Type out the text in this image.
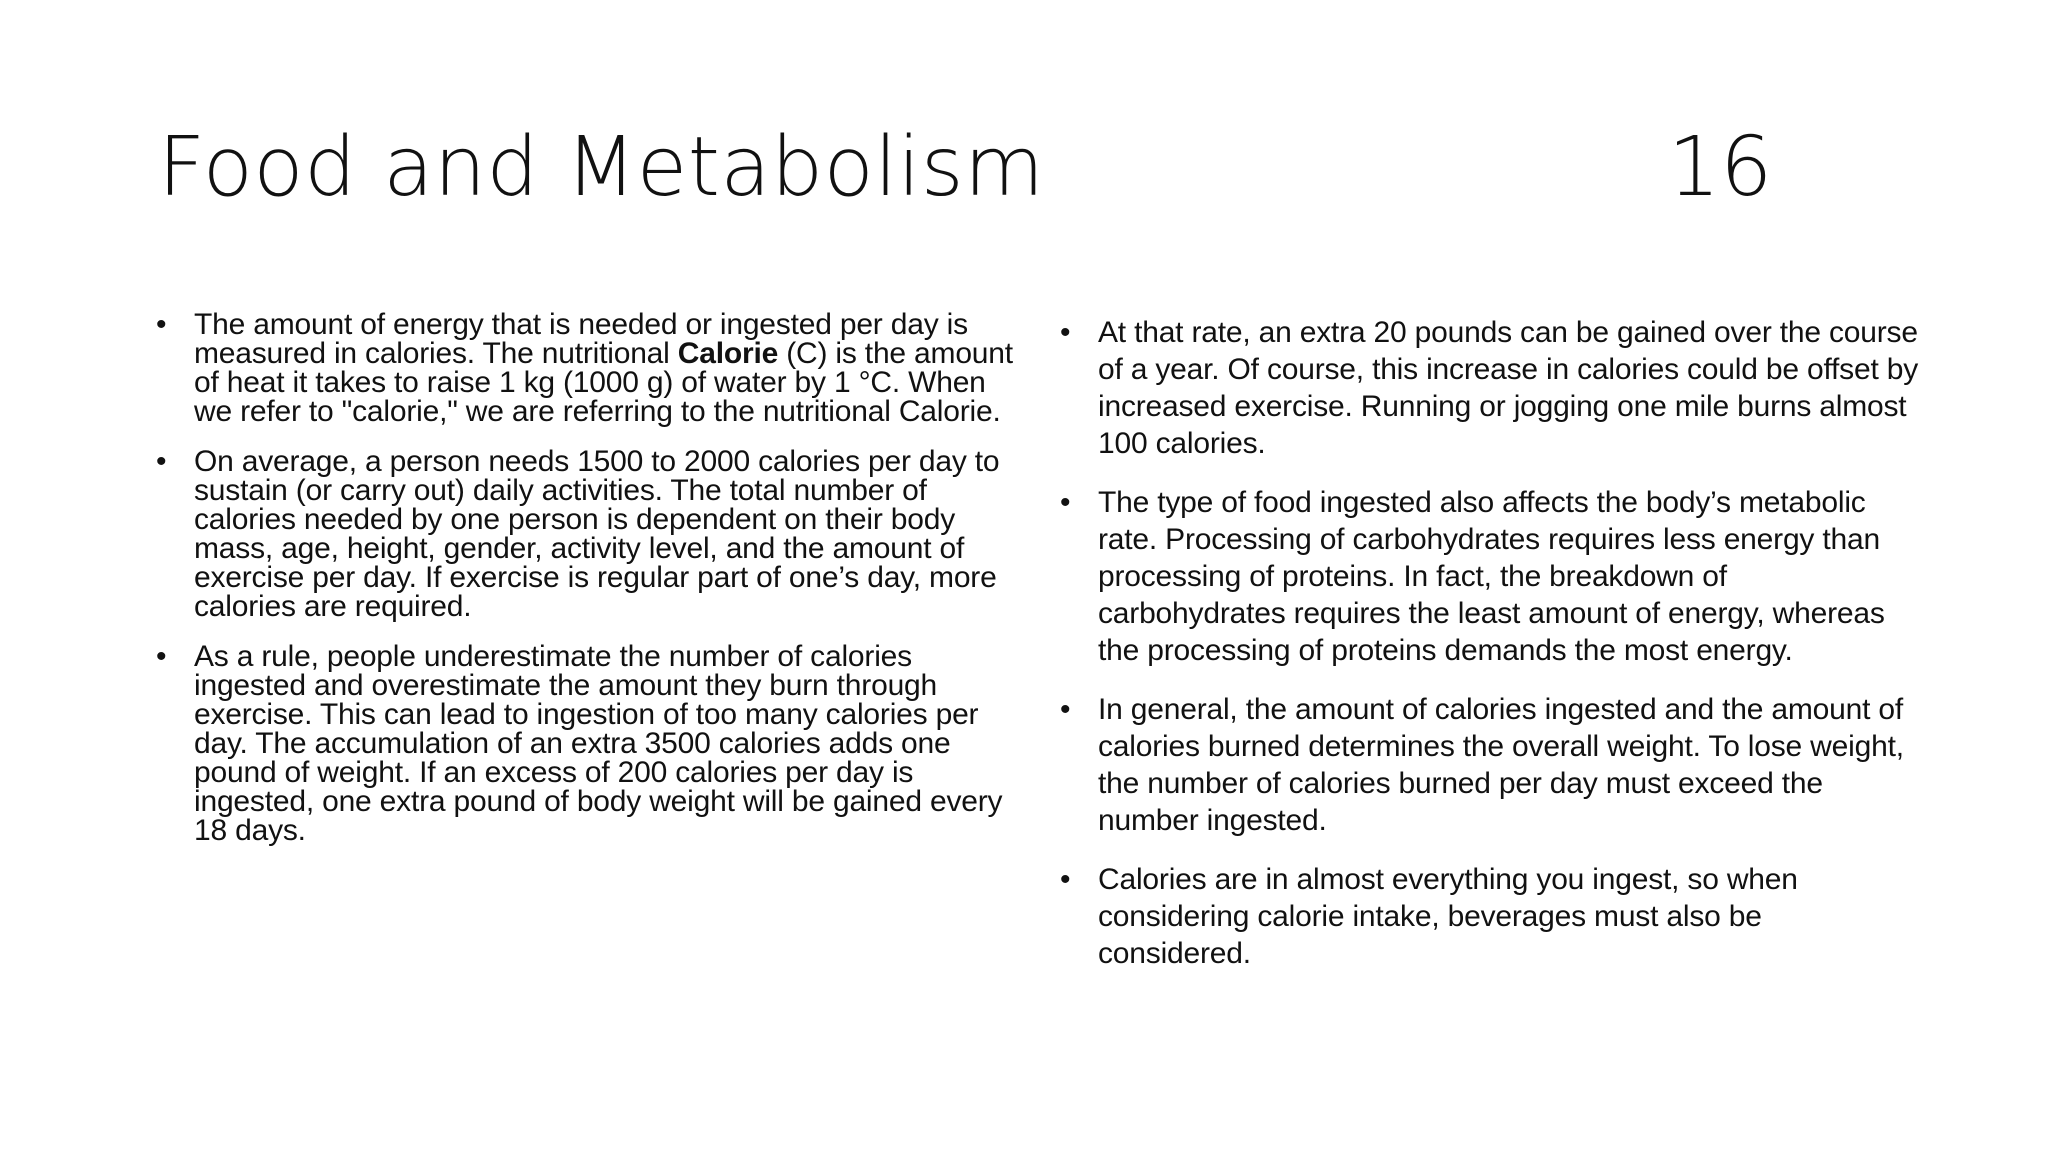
Food and Metabolism	16
• The amount of energy that is needed or ingested per day is measured in calories. The nutritional Calorie (C) is the amount of heat it takes to raise 1 kg (1000 g) of water by 1 °C. When we refer to "calorie," we are referring to the nutritional Calorie.
• On average, a person needs 1500 to 2000 calories per day to sustain (or carry out) daily activities. The total number of calories needed by one person is dependent on their body mass, age, height, gender, activity level, and the amount of exercise per day. If exercise is regular part of one’s day, more calories are required.
• As a rule, people underestimate the number of calories ingested and overestimate the amount they burn through exercise. This can lead to ingestion of too many calories per day. The accumulation of an extra 3500 calories adds one pound of weight. If an excess of 200 calories per day is ingested, one extra pound of body weight will be gained every 18 days.
• At that rate, an extra 20 pounds can be gained over the course of a year. Of course, this increase in calories could be offset by increased exercise. Running or jogging one mile burns almost 100 calories.
• The type of food ingested also affects the body’s metabolic rate. Processing of carbohydrates requires less energy than processing of proteins. In fact, the breakdown of carbohydrates requires the least amount of energy, whereas the processing of proteins demands the most energy.
• In general, the amount of calories ingested and the amount of calories burned determines the overall weight. To lose weight, the number of calories burned per day must exceed the number ingested.
• Calories are in almost everything you ingest, so when considering calorie intake, beverages must also be considered.
